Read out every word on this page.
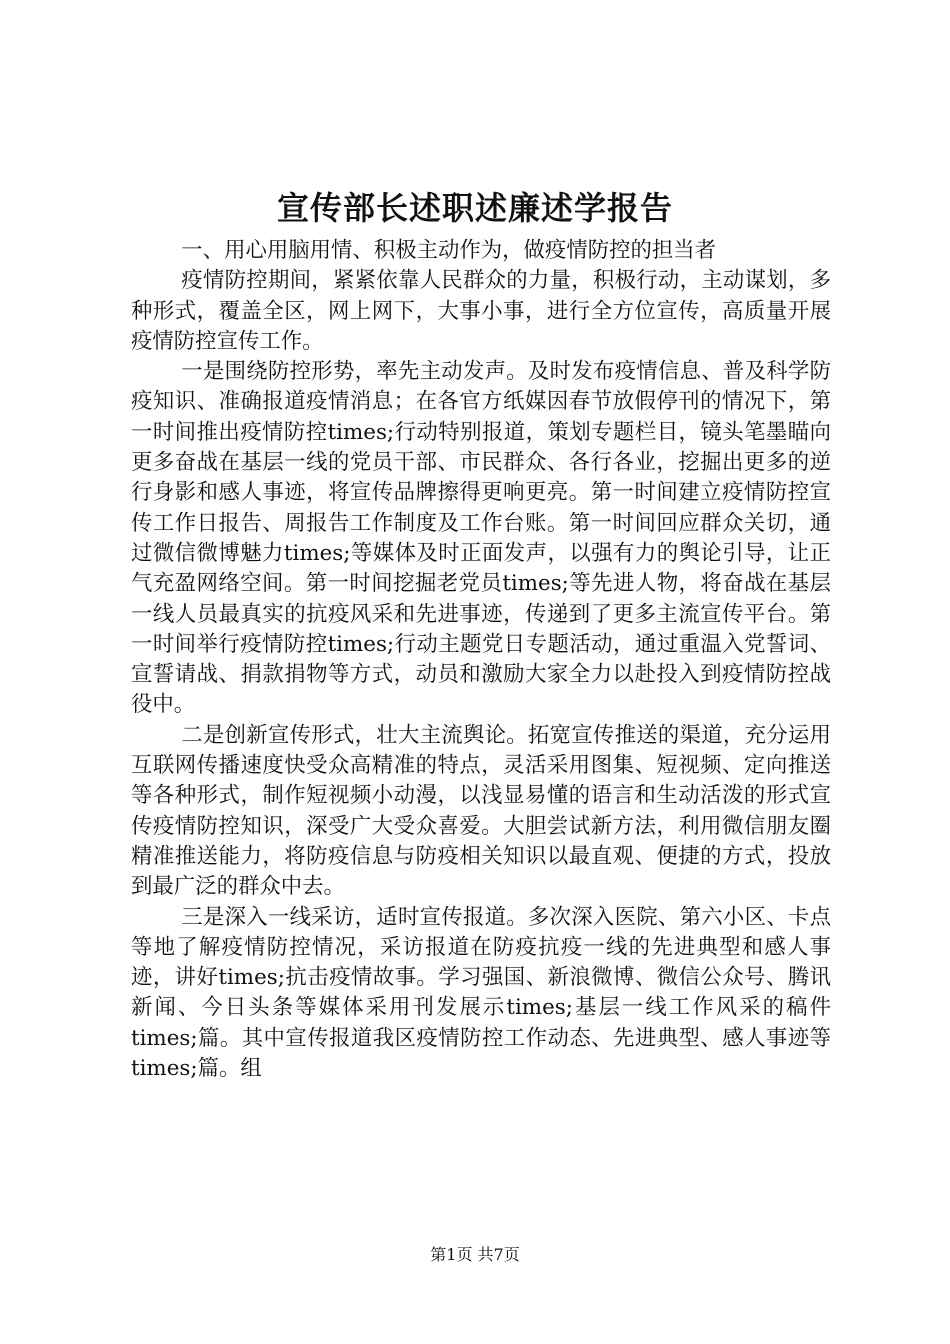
宣传部长述职述廉述学报告

一、用心用脑用情、积极主动作为，做疫情防控的担当者

疫情防控期间，紧紧依靠人民群众的力量，积极行动，主动谋划，多种形式，覆盖全区，网上网下，大事小事，进行全方位宣传，高质量开展疫情防控宣传工作。

一是围绕防控形势，率先主动发声。及时发布疫情信息、普及科学防疫知识、准确报道疫情消息；在各官方纸媒因春节放假停刊的情况下，第一时间推出疫情防控times;行动特别报道，策划专题栏目，镜头笔墨瞄向更多奋战在基层一线的党员干部、市民群众、各行各业，挖掘出更多的逆行身影和感人事迹，将宣传品牌擦得更响更亮。第一时间建立疫情防控宣传工作日报告、周报告工作制度及工作台账。第一时间回应群众关切，通过微信微博魅力times;等媒体及时正面发声，以强有力的舆论引导，让正气充盈网络空间。第一时间挖掘老党员times;等先进人物，将奋战在基层一线人员最真实的抗疫风采和先进事迹，传递到了更多主流宣传平台。第一时间举行疫情防控times;行动主题党日专题活动，通过重温入党誓词、宣誓请战、捐款捐物等方式，动员和激励大家全力以赴投入到疫情防控战役中。

二是创新宣传形式，壮大主流舆论。拓宽宣传推送的渠道，充分运用互联网传播速度快受众高精准的特点，灵活采用图集、短视频、定向推送等各种形式，制作短视频小动漫，以浅显易懂的语言和生动活泼的形式宣传疫情防控知识，深受广大受众喜爱。大胆尝试新方法，利用微信朋友圈精准推送能力，将防疫信息与防疫相关知识以最直观、便捷的方式，投放到最广泛的群众中去。

三是深入一线采访，适时宣传报道。多次深入医院、第六小区、卡点等地了解疫情防控情况，采访报道在防疫抗疫一线的先进典型和感人事迹，讲好times;抗击疫情故事。学习强国、新浪微博、微信公众号、腾讯新闻、今日头条等媒体采用刊发展示times;基层一线工作风采的稿件times;篇。其中宣传报道我区疫情防控工作动态、先进典型、感人事迹等times;篇。组

第1页 共7页
